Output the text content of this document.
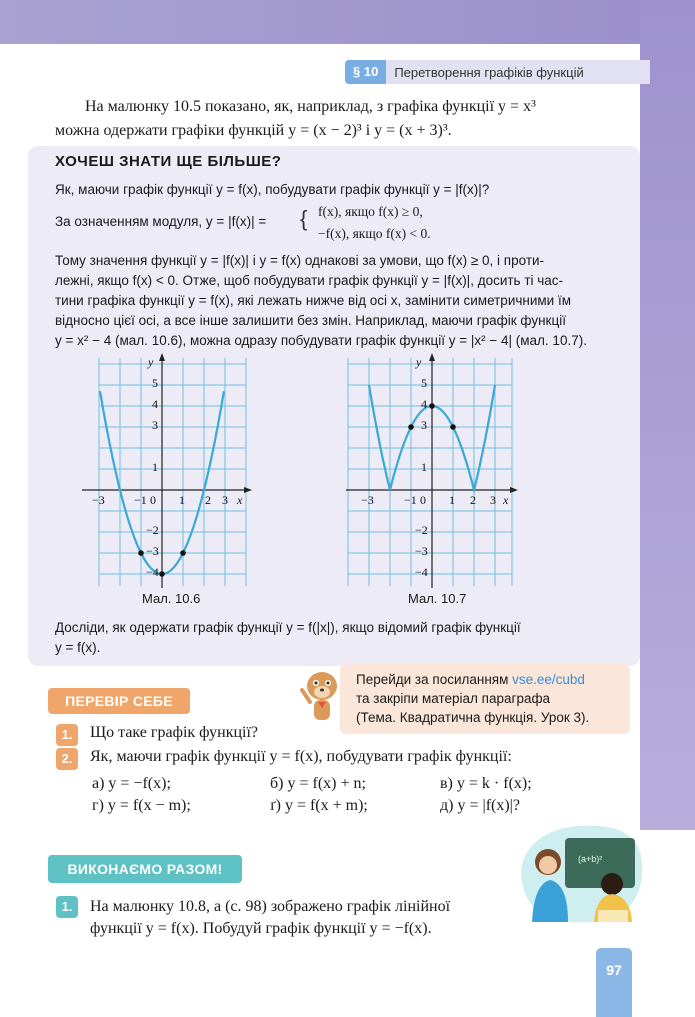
§ 10	Перетворення графіків функцій

На малюнку 10.5 показано, як, наприклад, з графіка функції y = x³

можна одержати графіки функцій y = (x − 2)³ і y = (x + 3)³.
ХОЧЕШ ЗНАТИ ЩЕ БІЛЬШЕ?
Як, маючи графік функції y = f(x), побудувати графік функції y = |f(x)|?
За означенням модуля, y = |f(x)| = { f(x), якщо f(x) ≥ 0,
−f(x), якщо f(x) < 0.
Тому значення функції y = |f(x)| і y = f(x) однакові за умови, що f(x) ≥ 0, і проти-
лежні, якщо f(x) < 0. Отже, щоб побудувати графік функції y = |f(x)|, досить ті час-
тини графіка функції y = f(x), які лежать нижче від осі x, замінити симетричними їм
відносно цієї осі, а все інше залишити без змін. Наприклад, маючи графік функції
y = x² − 4 (мал. 10.6), можна одразу побудувати графік функції y = |x² − 4| (мал. 10.7).
y
x
−3 −1 0 1 2 3
5
4
3
1
−2
−3
−4
Мал. 10.6
y
x
−3	−1 0 1 2 3
5
4
3
1
−2
−3
−4
Мал. 10.7
Досліди, як одержати графік функції y = f(|x|), якщо відомий графік функції
y = f(x).
Перейди за посиланням vse.ee/cubd
та закріпи матеріал параграфа
(Тема. Квадратична функція. Урок 3).
ПЕРЕВІР СЕБЕ
1.	Що таке графік функції?
2.	Як, маючи графік функції y = f(x), побудувати графік функції:
а) y = −f(x);	б) y = f(x) + n;	в) y = k · f(x);
г) y = f(x − m);	ґ) y = f(x + m);	д) y = |f(x)|?
ВИКОНАЄМО РАЗОМ!
(a+b)²
1.	На малюнку 10.8, а (с. 98) зображено графік лінійної
функції y = f(x). Побудуй графік функції y = −f(x).
97
